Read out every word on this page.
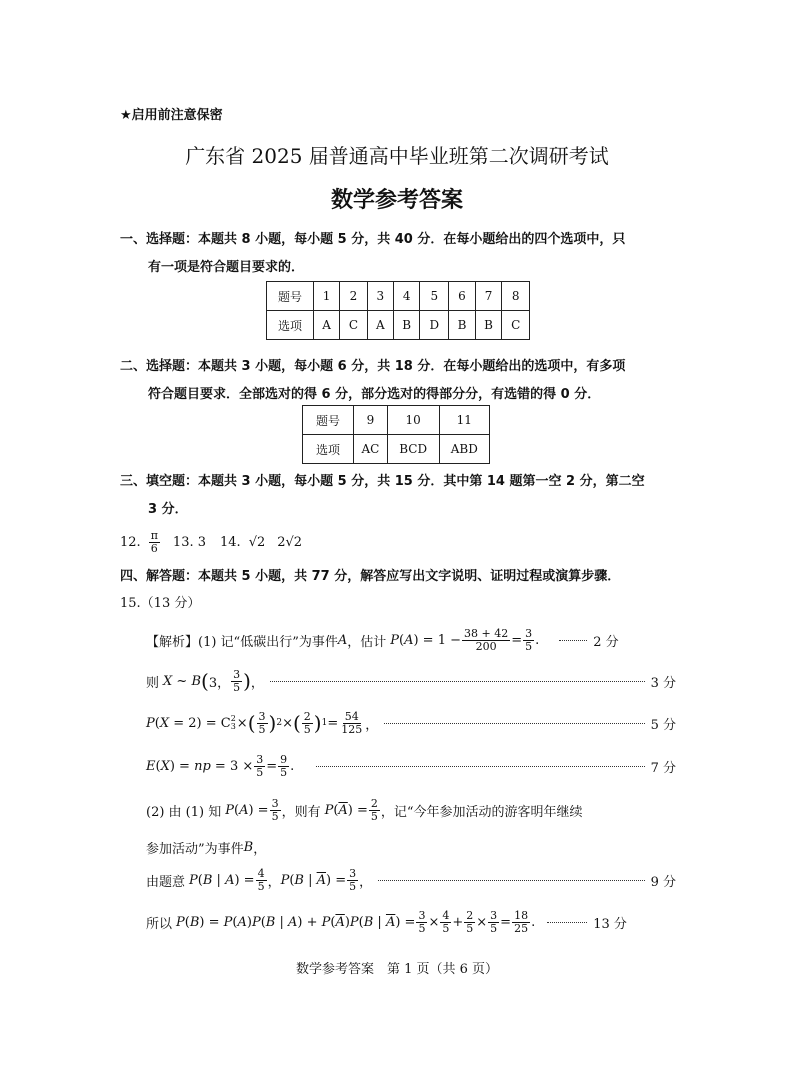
★启用前注意保密
广东省 2025 届普通高中毕业班第二次调研考试
数学参考答案
一、选择题：本题共 8 小题，每小题 5 分，共 40 分．在每小题给出的四个选项中，只

有一项是符合题目要求的．
题号	1	2	3	4	5	6	7	8
选项	A	C	A	B	D	B	B	C
二、选择题：本题共 3 小题，每小题 6 分，共 18 分．在每小题给出的选项中，有多项

符合题目要求．全部选对的得 6 分，部分选对的得部分分，有选错的得 0 分．
题号	9	10	11
选项	AC	BCD	ABD
三、填空题：本题共 3 小题，每小题 5 分，共 15 分．其中第 14 题第一空 2 分，第二空

3 分．
12. $\frac{\pi}{6} 13$. 3 14. √2 2√2
四、解答题：本题共 5 小题，共 77 分，解答应写出文字说明、证明过程或演算步骤．
15.（13 分）
【解析】(1) 记“低碳出行”为事件 A ，估计 $P(A) = 1 - \frac{38 + 42}{200} = \frac{3}{5}$ .	2 分
则 X ~ B ( 3， $\frac{3}{5}$ ) ，	3 分
P(X = 2) = C 2
3 × ( $\frac{3}{5}$ ) 2 × ( $\frac{2}{5}$ ) $1 = \frac{54}{125}$ ，	5 分
E(X) = np = $3 \times \frac{3}{5} = \frac{9}{5}$ .	7 分
(2) 由 (1) 知 $P(A) = \frac{3}{5}$ ，则有 $P(\overline{A}) = \frac{2}{5}$ ，记“今年参加活动的游客明年继续
参加活动”为事件 B ，
由题意 P(B | $A) = \frac{4}{5}$ ， P(B | $\overline{A}) = \frac{3}{5}$ ，	9 分
所以 P(B) = P(A)P(B | $A) + P(\overline{A})P(B$ | $\overline{A}) = \frac{3}{5} \times \frac{4}{5} + \frac{2}{5} \times \frac{3}{5} = \frac{18}{25}$ .	13 分
数学参考答案　第 1 页（共 6 页）
